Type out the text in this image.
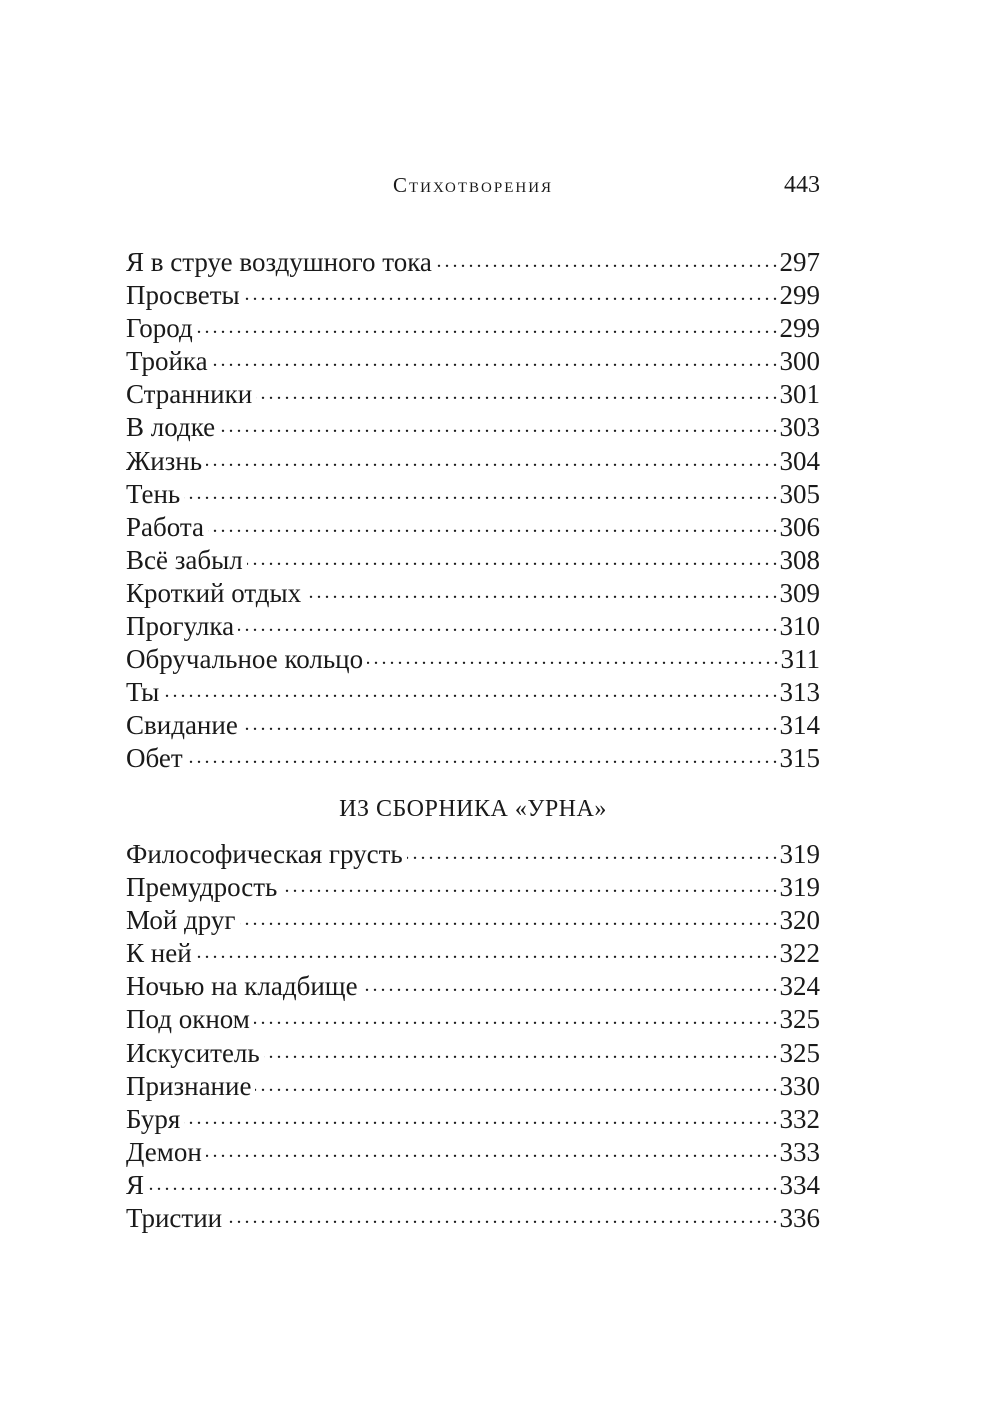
Стихотворения	443
Я в струе воздушного тока . . .	297
Просветы . . .	299
Город . . .	299
Тройка . . .	300
Странники . . .	301
В лодке . . .	303
Жизнь . . .	304
Тень . . .	305
Работа . . .	306
Всё забыл . . .	308
Кроткий отдых . . .	309
Прогулка . . .	310
Обручальное кольцо . . .	311
Ты . . .	313
Свидание . . .	314
Обет . . .	315
ИЗ СБОРНИКА «УРНА»
Философическая грусть . . .	319
Премудрость . . .	319
Мой друг . . .	320
К ней . . .	322
Ночью на кладбище . . .	324
Под окном . . .	325
Искуситель . . .	325
Признание . . .	330
Буря . . .	332
Демон . . .	333
Я . . .	334
Тристии . . .	336
